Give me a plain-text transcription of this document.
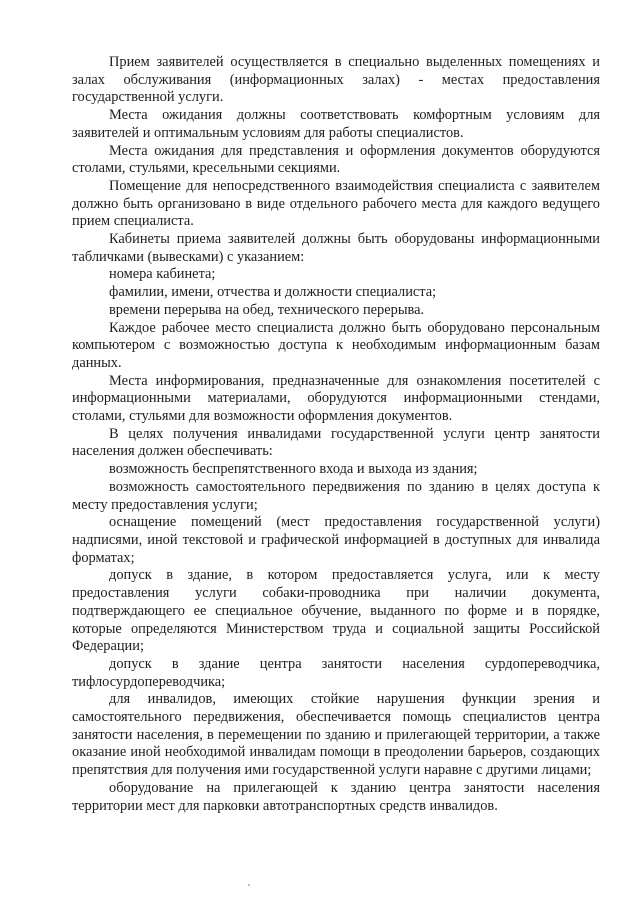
Прием заявителей осуществляется в специально выделенных помещениях и залах обслуживания (информационных залах) - местах предоставления государственной услуги.

Места ожидания должны соответствовать комфортным условиям для заявителей и оптимальным условиям для работы специалистов.

Места ожидания для представления и оформления документов оборудуются столами, стульями, кресельными секциями.

Помещение для непосредственного взаимодействия специалиста с заявителем должно быть организовано в виде отдельного рабочего места для каждого ведущего прием специалиста.

Кабинеты приема заявителей должны быть оборудованы информационными табличками (вывесками) с указанием:

номера кабинета;

фамилии, имени, отчества и должности специалиста;

времени перерыва на обед, технического перерыва.

Каждое рабочее место специалиста должно быть оборудовано персональным компьютером с возможностью доступа к необходимым информационным базам данных.

Места информирования, предназначенные для ознакомления посетителей с информационными материалами, оборудуются информационными стендами, столами, стульями для возможности оформления документов.

В целях получения инвалидами государственной услуги центр занятости населения должен обеспечивать:

возможность беспрепятственного входа и выхода из здания;

возможность самостоятельного передвижения по зданию в целях доступа к месту предоставления услуги;

оснащение помещений (мест предоставления государственной услуги) надписями, иной текстовой и графической информацией в доступных для инвалида форматах;

допуск в здание, в котором предоставляется услуга, или к месту предоставления услуги собаки-проводника при наличии документа, подтверждающего ее специальное обучение, выданного по форме и в порядке, которые определяются Министерством труда и социальной защиты Российской Федерации;

допуск в здание центра занятости населения сурдопереводчика, тифлосурдопереводчика;

для инвалидов, имеющих стойкие нарушения функции зрения и самостоятельного передвижения, обеспечивается помощь специалистов центра занятости населения, в перемещении по зданию и прилегающей территории, а также оказание иной необходимой инвалидам помощи в преодолении барьеров, создающих препятствия для получения ими государственной услуги наравне с другими лицами;

оборудование на прилегающей к зданию центра занятости населения территории мест для парковки автотранспортных средств инвалидов.
